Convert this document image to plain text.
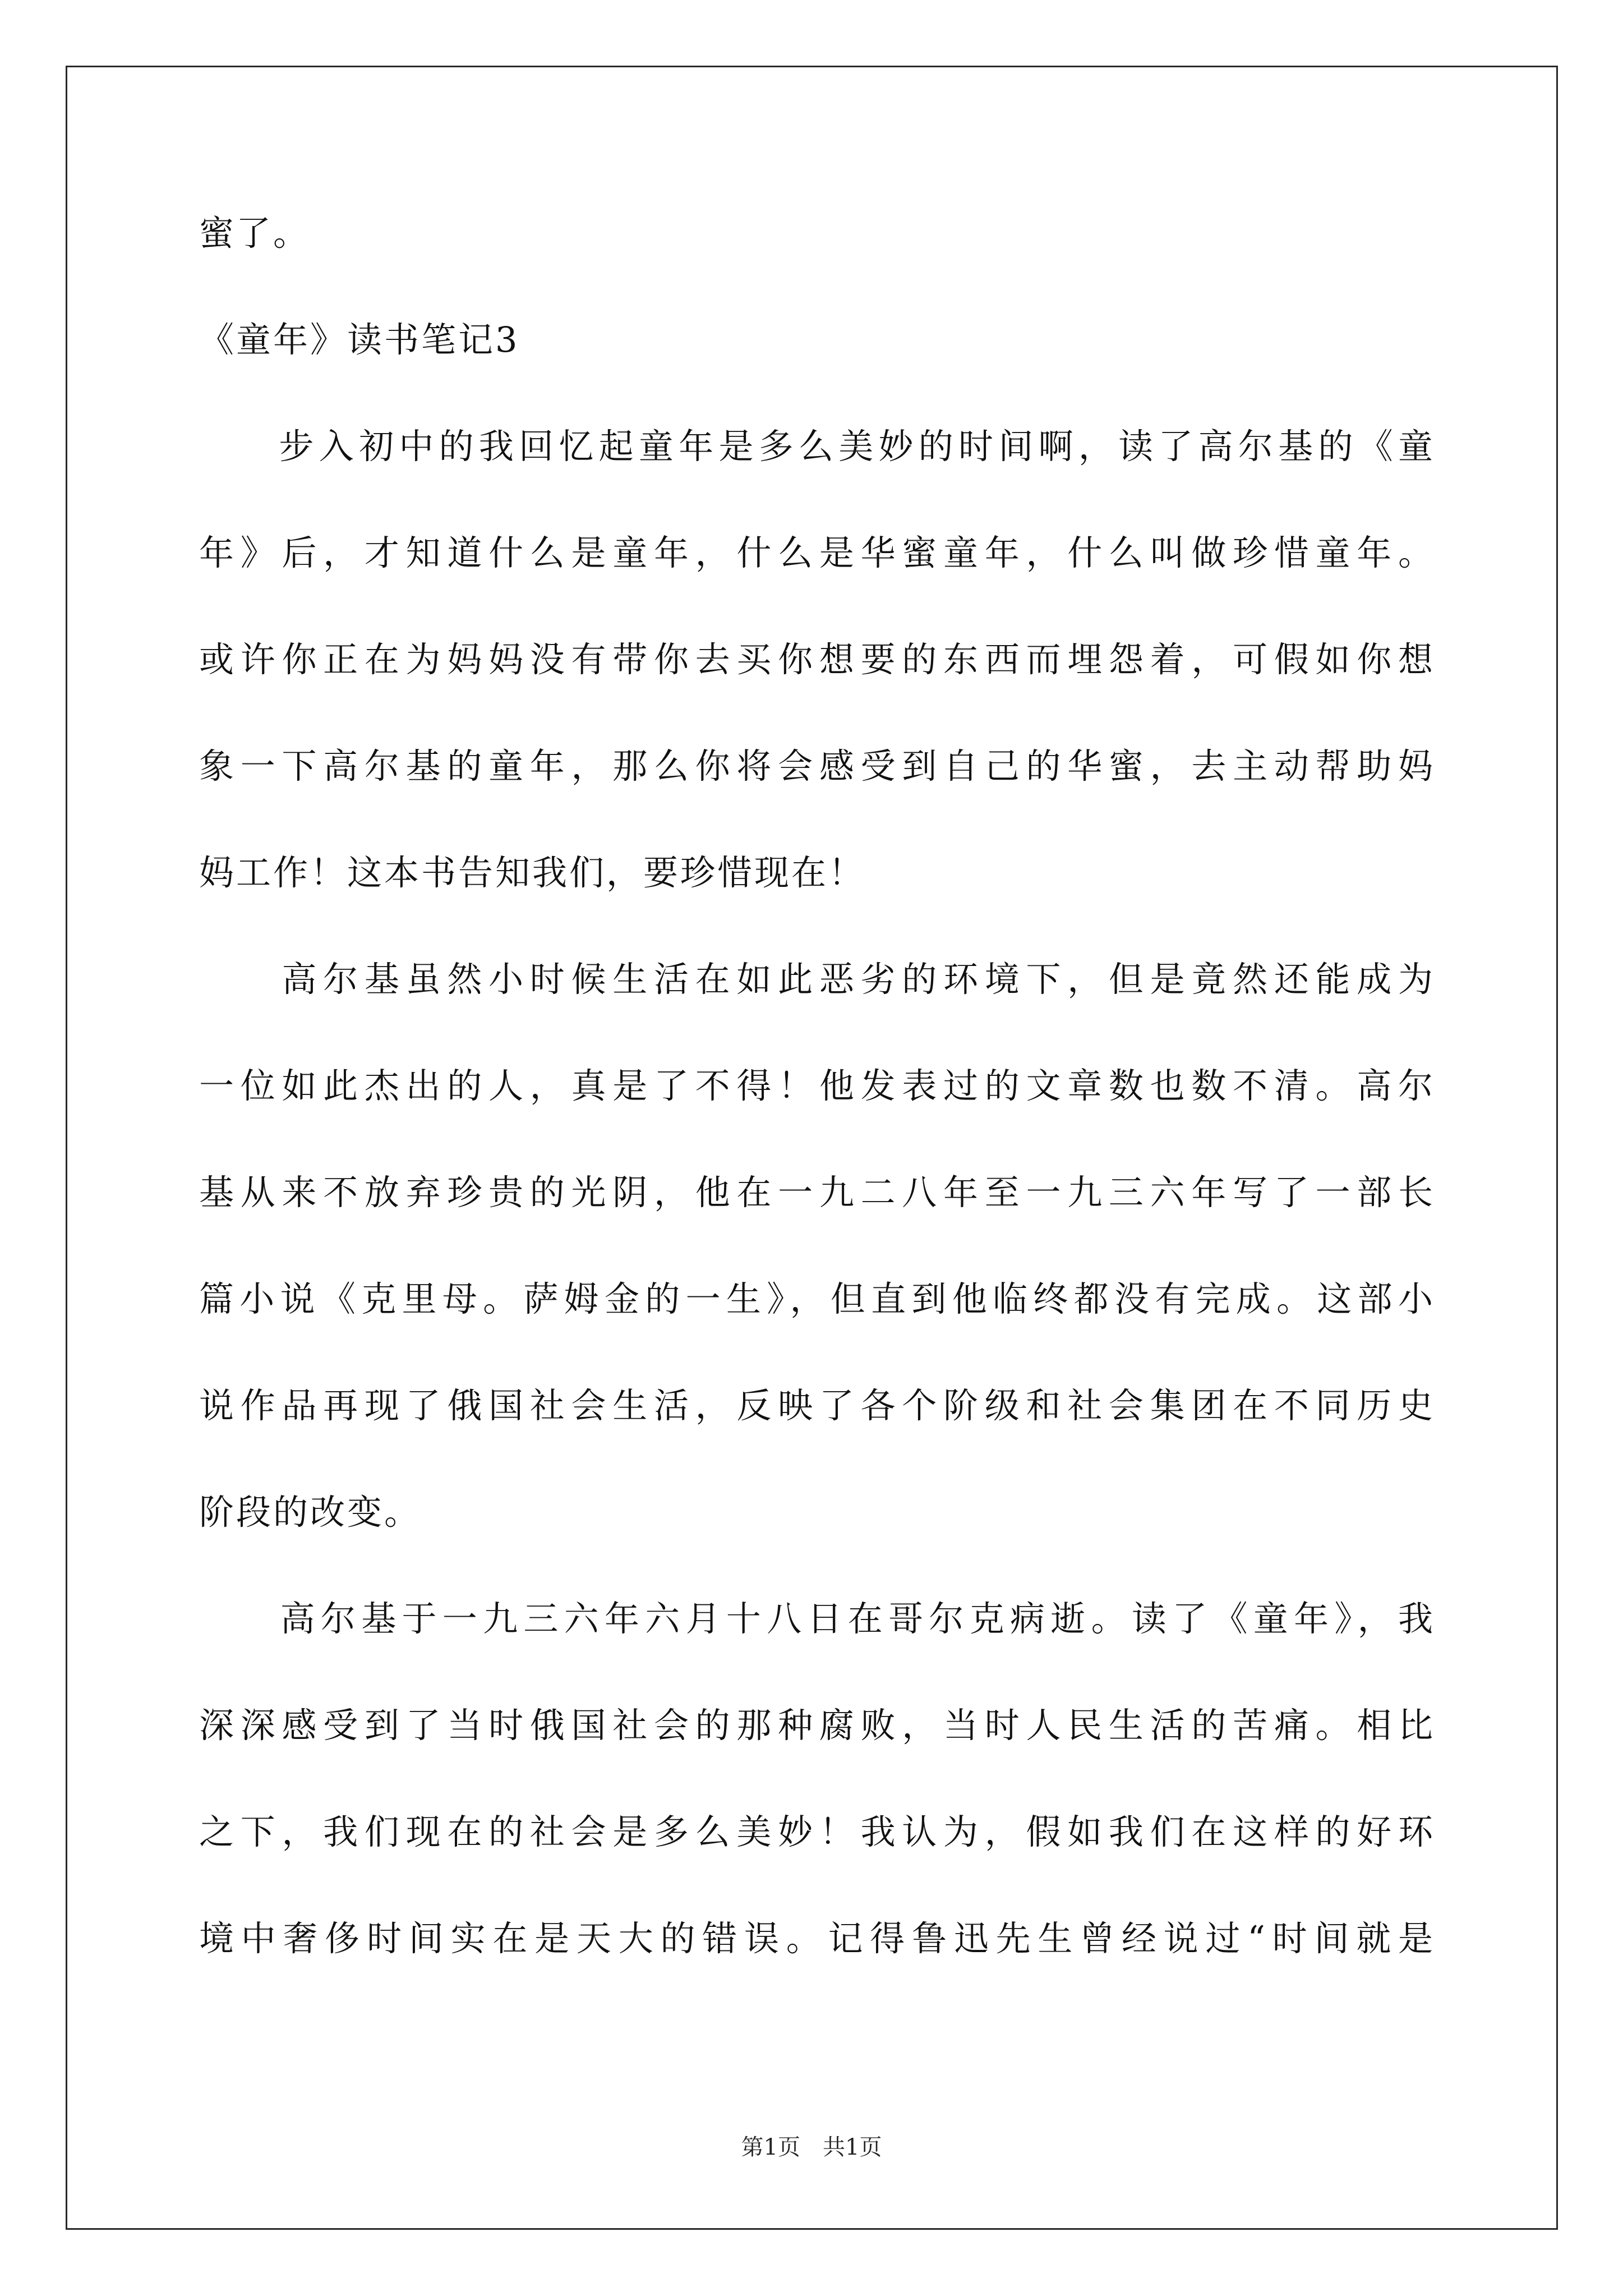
蜜了。
《童年》读书笔记3
　　步入初中的我回忆起童年是多么美妙的时间啊，读了高尔基的《童
年》后，才知道什么是童年，什么是华蜜童年，什么叫做珍惜童年。
或许你正在为妈妈没有带你去买你想要的东西而埋怨着，可假如你想
象一下高尔基的童年，那么你将会感受到自己的华蜜，去主动帮助妈
妈工作！这本书告知我们，要珍惜现在！
　　高尔基虽然小时候生活在如此恶劣的环境下，但是竟然还能成为
一位如此杰出的人，真是了不得！他发表过的文章数也数不清。高尔
基从来不放弃珍贵的光阴，他在一九二八年至一九三六年写了一部长
篇小说《克里母。萨姆金的一生》，但直到他临终都没有完成。这部小
说作品再现了俄国社会生活，反映了各个阶级和社会集团在不同历史
阶段的改变。
　　高尔基于一九三六年六月十八日在哥尔克病逝。读了《童年》，我
深深感受到了当时俄国社会的那种腐败，当时人民生活的苦痛。相比
之下，我们现在的社会是多么美妙！我认为，假如我们在这样的好环
境中奢侈时间实在是天大的错误。记得鲁迅先生曾经说过“时间就是
第1页　共1页
